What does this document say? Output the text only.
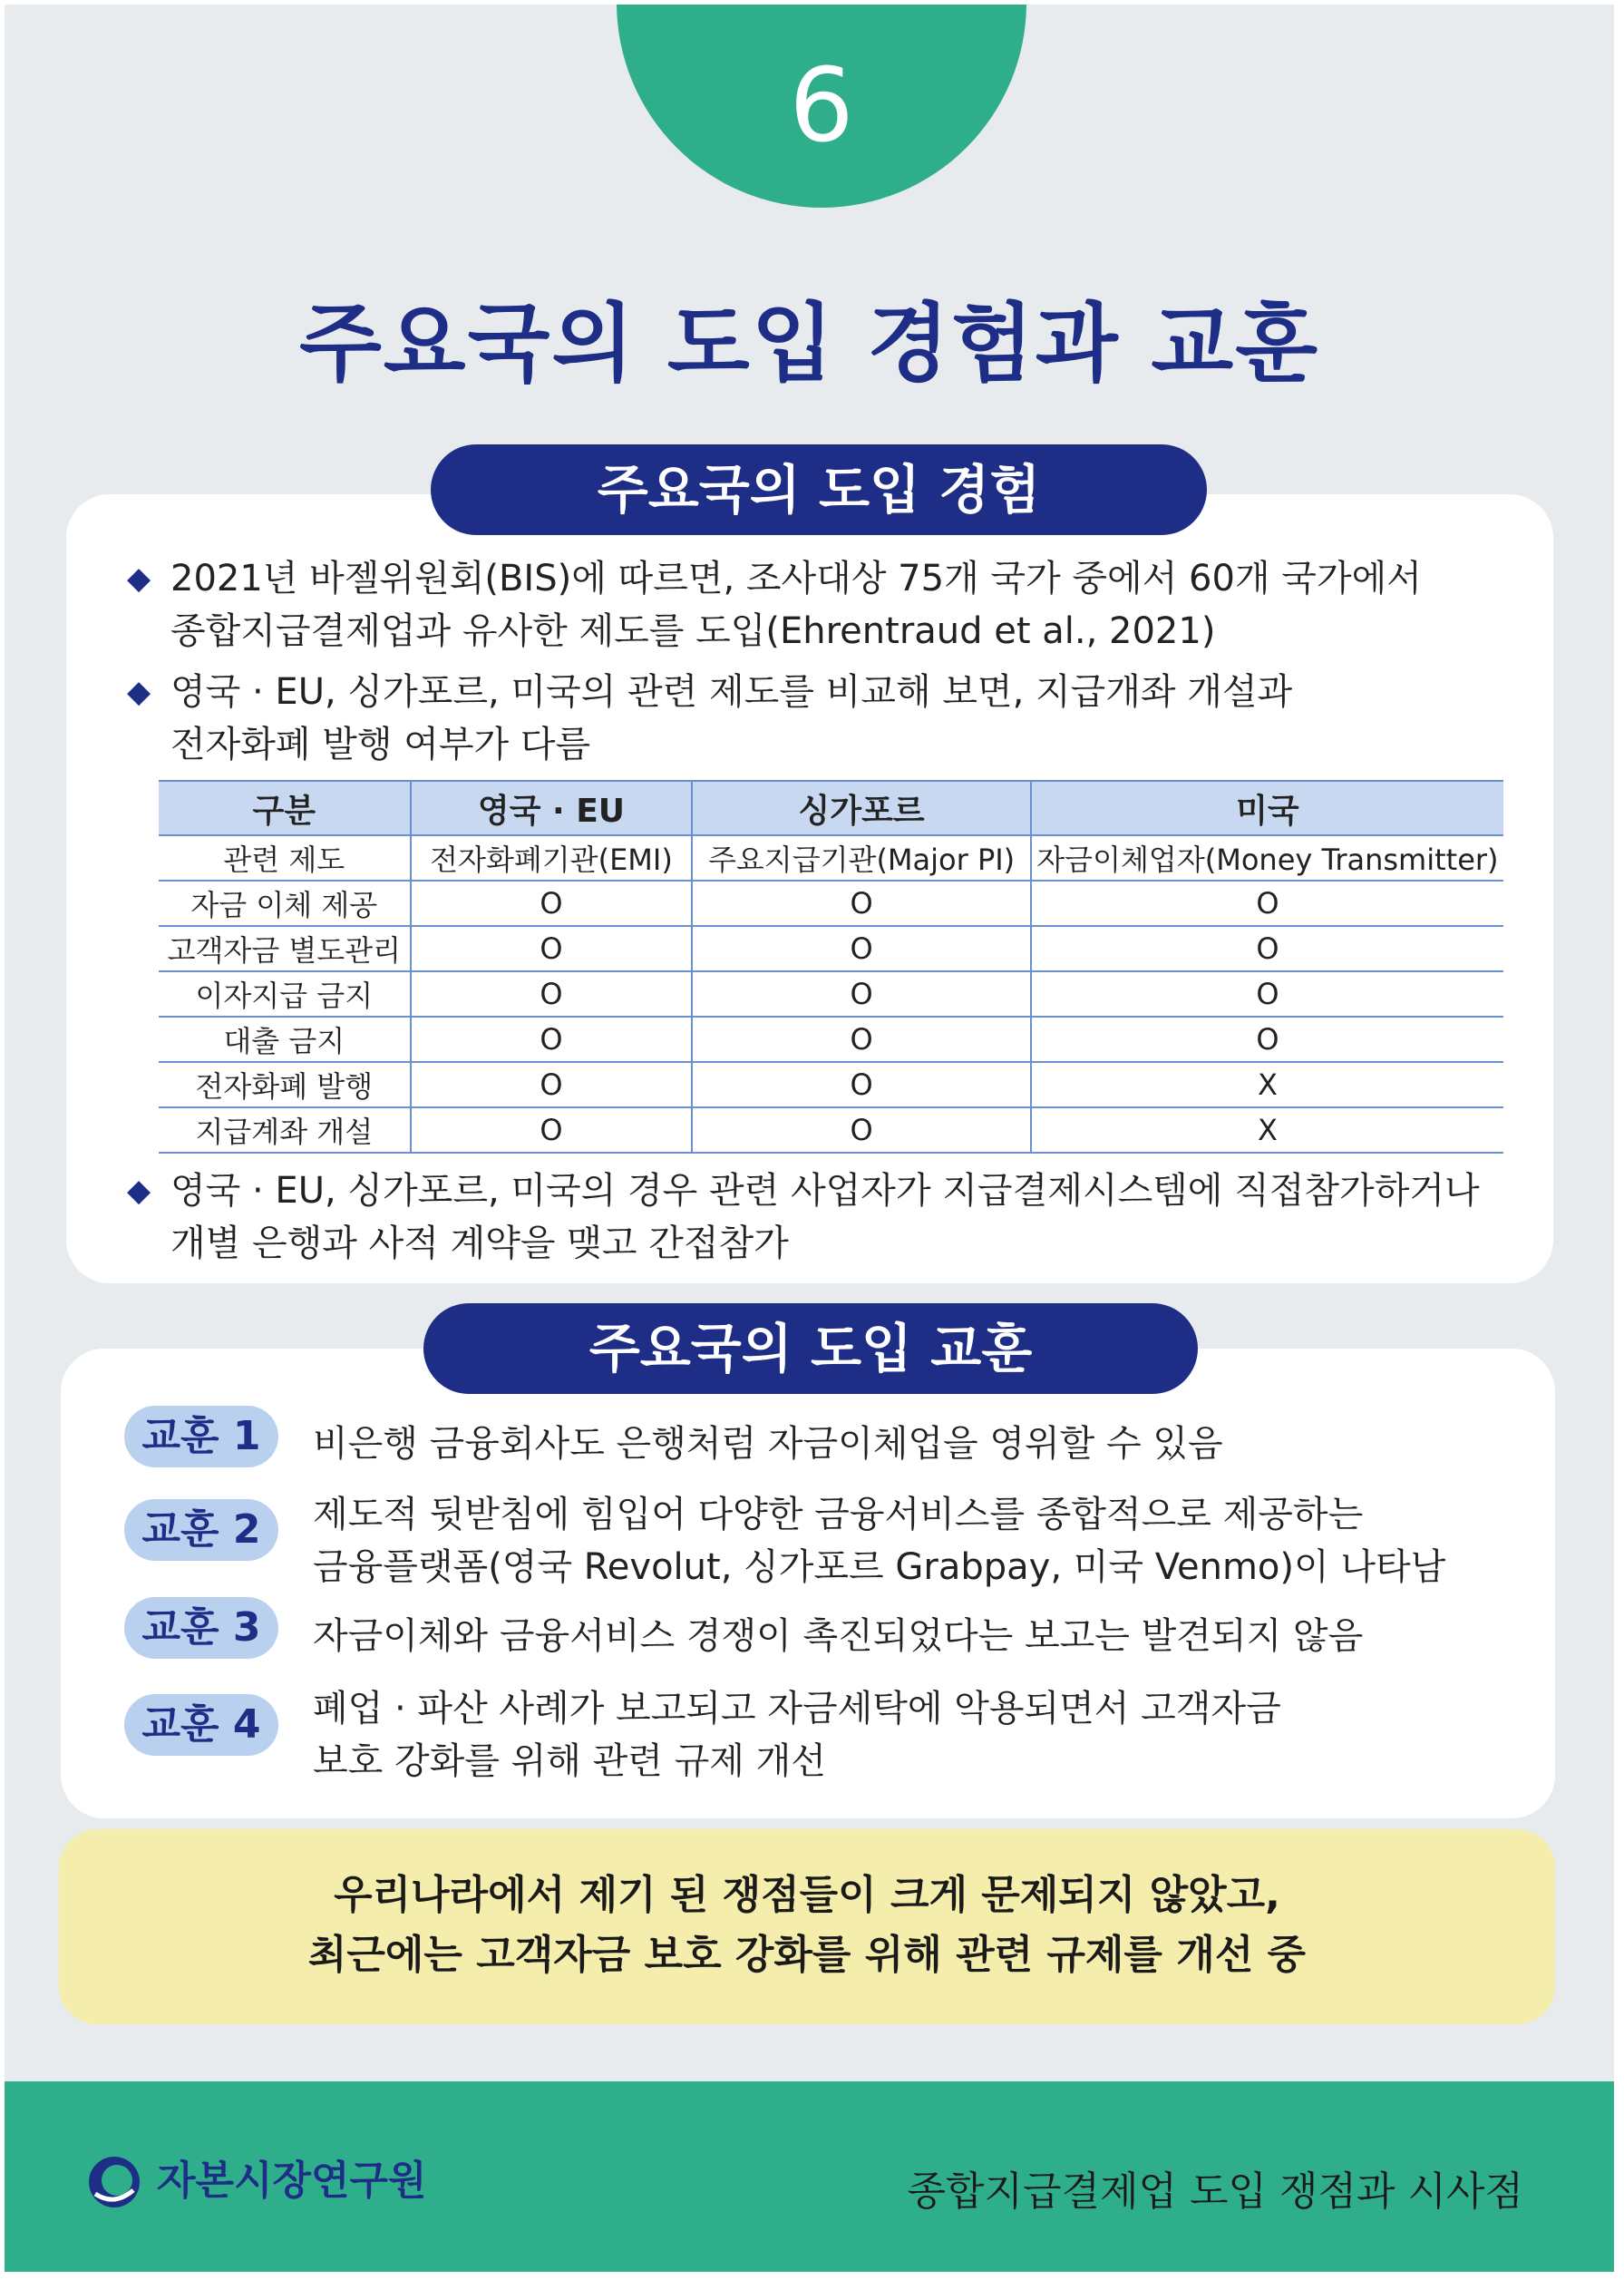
6
주요국의 도입 경험과 교훈
주요국의 도입 경험
◆ 2021년 바젤위원회(BIS)에 따르면, 조사대상 75개 국가 중에서 60개 국가에서
종합지급결제업과 유사한 제도를 도입(Ehrentraud et al., 2021)
◆ 영국 · EU, 싱가포르, 미국의 관련 제도를 비교해 보면, 지급개좌 개설과
전자화폐 발행 여부가 다름
구분	영국 · EU	싱가포르	미국
관련 제도	전자화폐기관(EMI)	주요지급기관(Major PI)	자금이체업자(Money Transmitter)
자금 이체 제공	O	O	O
고객자금 별도관리	O	O	O
이자지급 금지	O	O	O
대출 금지	O	O	O
전자화폐 발행	O	O	X
지급계좌 개설	O	O	X
◆ 영국 · EU, 싱가포르, 미국의 경우 관련 사업자가 지급결제시스템에 직접참가하거나
개별 은행과 사적 계약을 맺고 간접참가
주요국의 도입 교훈
교훈 1	비은행 금융회사도 은행처럼 자금이체업을 영위할 수 있음
교훈 2	제도적 뒷받침에 힘입어 다양한 금융서비스를 종합적으로 제공하는
금융플랫폼(영국 Revolut, 싱가포르 Grabpay, 미국 Venmo)이 나타남
교훈 3	자금이체와 금융서비스 경쟁이 촉진되었다는 보고는 발견되지 않음
교훈 4	폐업 · 파산 사례가 보고되고 자금세탁에 악용되면서 고객자금
보호 강화를 위해 관련 규제 개선
우리나라에서 제기 된 쟁점들이 크게 문제되지 않았고,
최근에는 고객자금 보호 강화를 위해 관련 규제를 개선 중
자본시장연구원	종합지급결제업 도입 쟁점과 시사점
